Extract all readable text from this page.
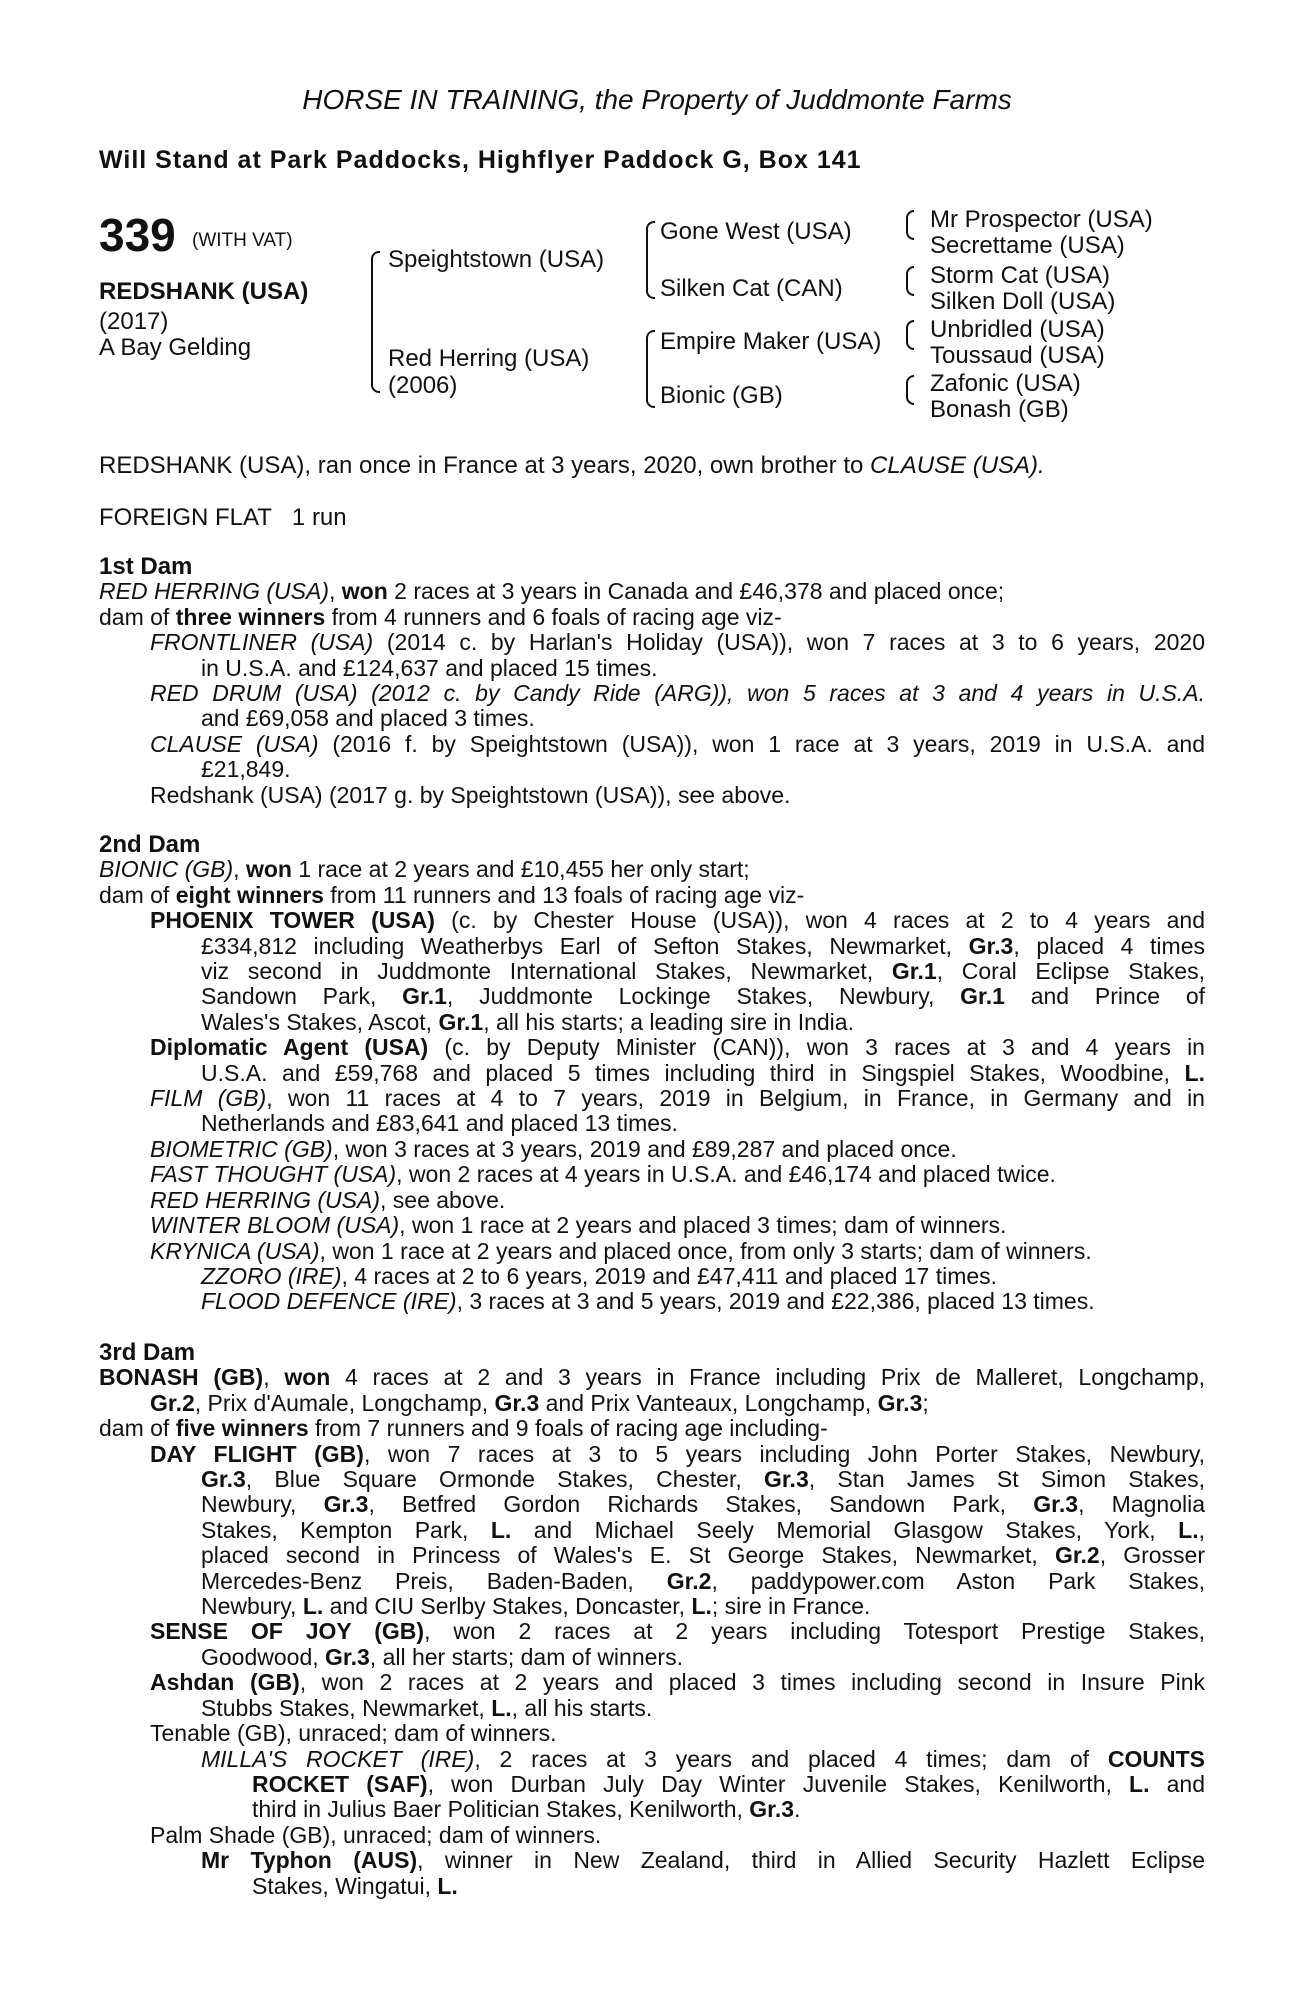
HORSE IN TRAINING, the Property of Juddmonte Farms
Will Stand at Park Paddocks, Highflyer Paddock G, Box 141
339 (WITH VAT)
REDSHANK (USA)
(2017)
A Bay Gelding
Speightstown (USA)
Red Herring (USA)
(2006)
Gone West (USA)
Silken Cat (CAN)
Empire Maker (USA)
Bionic (GB)
Mr Prospector (USA)
Secrettame (USA)
Storm Cat (USA)
Silken Doll (USA)
Unbridled (USA)
Toussaud (USA)
Zafonic (USA)
Bonash (GB)
REDSHANK (USA), ran once in France at 3 years, 2020, own brother to CLAUSE (USA).
FOREIGN FLAT 1 run
1st Dam
RED HERRING (USA), won 2 races at 3 years in Canada and £46,378 and placed once;
dam of three winners from 4 runners and 6 foals of racing age viz-
FRONTLINER (USA) (2014 c. by Harlan's Holiday (USA)), won 7 races at 3 to 6 years, 2020
in U.S.A. and £124,637 and placed 15 times.
RED DRUM (USA) (2012 c. by Candy Ride (ARG)), won 5 races at 3 and 4 years in U.S.A.
and £69,058 and placed 3 times.
CLAUSE (USA) (2016 f. by Speightstown (USA)), won 1 race at 3 years, 2019 in U.S.A. and
£21,849.
Redshank (USA) (2017 g. by Speightstown (USA)), see above.
2nd Dam
BIONIC (GB), won 1 race at 2 years and £10,455 her only start;
dam of eight winners from 11 runners and 13 foals of racing age viz-
PHOENIX TOWER (USA) (c. by Chester House (USA)), won 4 races at 2 to 4 years and
£334,812 including Weatherbys Earl of Sefton Stakes, Newmarket, Gr.3, placed 4 times
viz second in Juddmonte International Stakes, Newmarket, Gr.1, Coral Eclipse Stakes,
Sandown Park, Gr.1, Juddmonte Lockinge Stakes, Newbury, Gr.1 and Prince of
Wales's Stakes, Ascot, Gr.1, all his starts; a leading sire in India.
Diplomatic Agent (USA) (c. by Deputy Minister (CAN)), won 3 races at 3 and 4 years in
U.S.A. and £59,768 and placed 5 times including third in Singspiel Stakes, Woodbine, L.
FILM (GB), won 11 races at 4 to 7 years, 2019 in Belgium, in France, in Germany and in
Netherlands and £83,641 and placed 13 times.
BIOMETRIC (GB), won 3 races at 3 years, 2019 and £89,287 and placed once.
FAST THOUGHT (USA), won 2 races at 4 years in U.S.A. and £46,174 and placed twice.
RED HERRING (USA), see above.
WINTER BLOOM (USA), won 1 race at 2 years and placed 3 times; dam of winners.
KRYNICA (USA), won 1 race at 2 years and placed once, from only 3 starts; dam of winners.
ZZORO (IRE), 4 races at 2 to 6 years, 2019 and £47,411 and placed 17 times.
FLOOD DEFENCE (IRE), 3 races at 3 and 5 years, 2019 and £22,386, placed 13 times.
3rd Dam
BONASH (GB), won 4 races at 2 and 3 years in France including Prix de Malleret, Longchamp,
Gr.2, Prix d'Aumale, Longchamp, Gr.3 and Prix Vanteaux, Longchamp, Gr.3;
dam of five winners from 7 runners and 9 foals of racing age including-
DAY FLIGHT (GB), won 7 races at 3 to 5 years including John Porter Stakes, Newbury,
Gr.3, Blue Square Ormonde Stakes, Chester, Gr.3, Stan James St Simon Stakes,
Newbury, Gr.3, Betfred Gordon Richards Stakes, Sandown Park, Gr.3, Magnolia
Stakes, Kempton Park, L. and Michael Seely Memorial Glasgow Stakes, York, L.,
placed second in Princess of Wales's E. St George Stakes, Newmarket, Gr.2, Grosser
Mercedes-Benz Preis, Baden-Baden, Gr.2, paddypower.com Aston Park Stakes,
Newbury, L. and CIU Serlby Stakes, Doncaster, L.; sire in France.
SENSE OF JOY (GB), won 2 races at 2 years including Totesport Prestige Stakes,
Goodwood, Gr.3, all her starts; dam of winners.
Ashdan (GB), won 2 races at 2 years and placed 3 times including second in Insure Pink
Stubbs Stakes, Newmarket, L., all his starts.
Tenable (GB), unraced; dam of winners.
MILLA'S ROCKET (IRE), 2 races at 3 years and placed 4 times; dam of COUNTS
ROCKET (SAF), won Durban July Day Winter Juvenile Stakes, Kenilworth, L. and
third in Julius Baer Politician Stakes, Kenilworth, Gr.3.
Palm Shade (GB), unraced; dam of winners.
Mr Typhon (AUS), winner in New Zealand, third in Allied Security Hazlett Eclipse
Stakes, Wingatui, L.
